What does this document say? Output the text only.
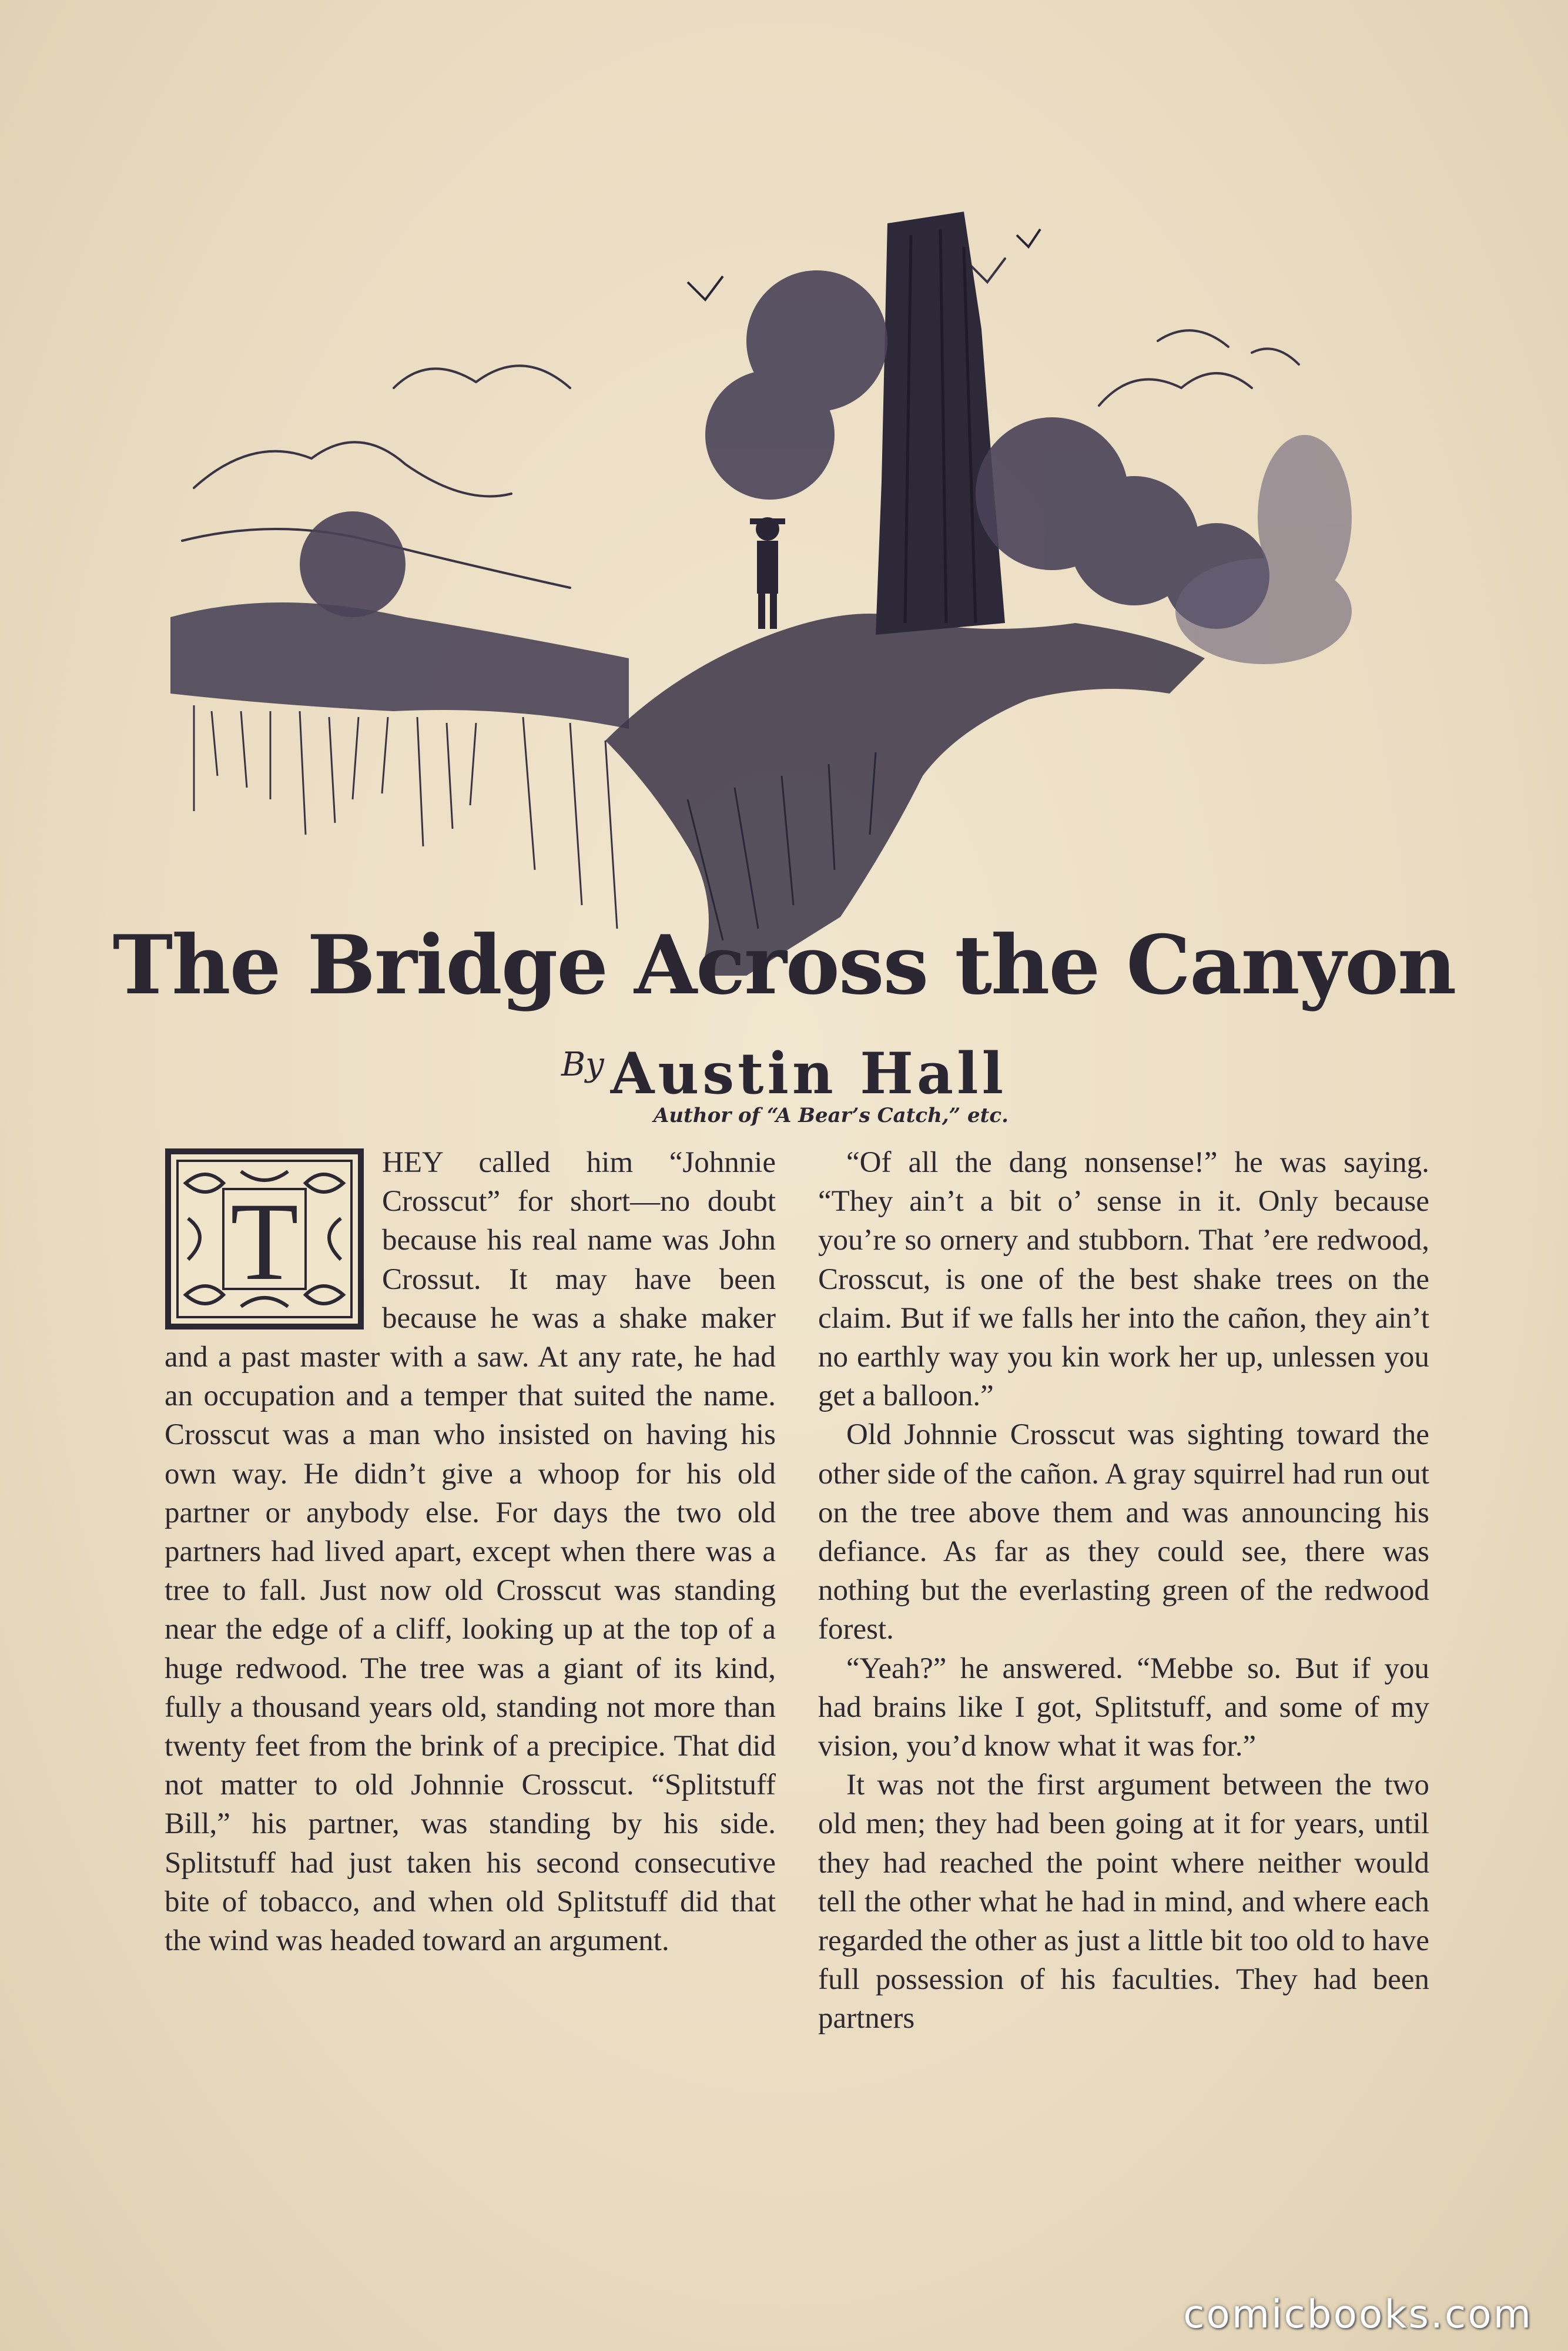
The Bridge Across the Canyon
By Austin Hall
Author of “A Bear’s Catch,” etc.
T

HEY called him “Johnnie Crosscut” for short—no doubt because his real name was John Crossut. It may have been because he was a shake maker and a past master with a saw. At any rate, he had an occupation and a temper that suited the name. Crosscut was a man who insisted on having his own way. He didn’t give a whoop for his old partner or anybody else. For days the two old partners had lived apart, except when there was a tree to fall. Just now old Crosscut was standing near the edge of a cliff, looking up at the top of a huge redwood. The tree was a giant of its kind, fully a thousand years old, standing not more than twenty feet from the brink of a precipice. That did not matter to old Johnnie Crosscut. “Splitstuff Bill,” his partner, was standing by his side. Splitstuff had just taken his second consecutive bite of tobacco, and when old Splitstuff did that the wind was headed toward an argument.

“Of all the dang nonsense!” he was saying. “They ain’t a bit o’ sense in it. Only because you’re so ornery and stubborn. That ’ere redwood, Crosscut, is one of the best shake trees on the claim. But if we falls her into the cañon, they ain’t no earthly way you kin work her up, unlessen you get a balloon.”

Old Johnnie Crosscut was sighting toward the other side of the cañon. A gray squirrel had run out on the tree above them and was announcing his defiance. As far as they could see, there was nothing but the everlasting green of the redwood forest.

“Yeah?” he answered. “Mebbe so. But if you had brains like I got, Splitstuff, and some of my vision, you’d know what it was for.”

It was not the first argument between the two old men; they had been going at it for years, until they had reached the point where neither would tell the other what he had in mind, and where each regarded the other as just a little bit too old to have full possession of his faculties. They had been partners

comicbooks.com
